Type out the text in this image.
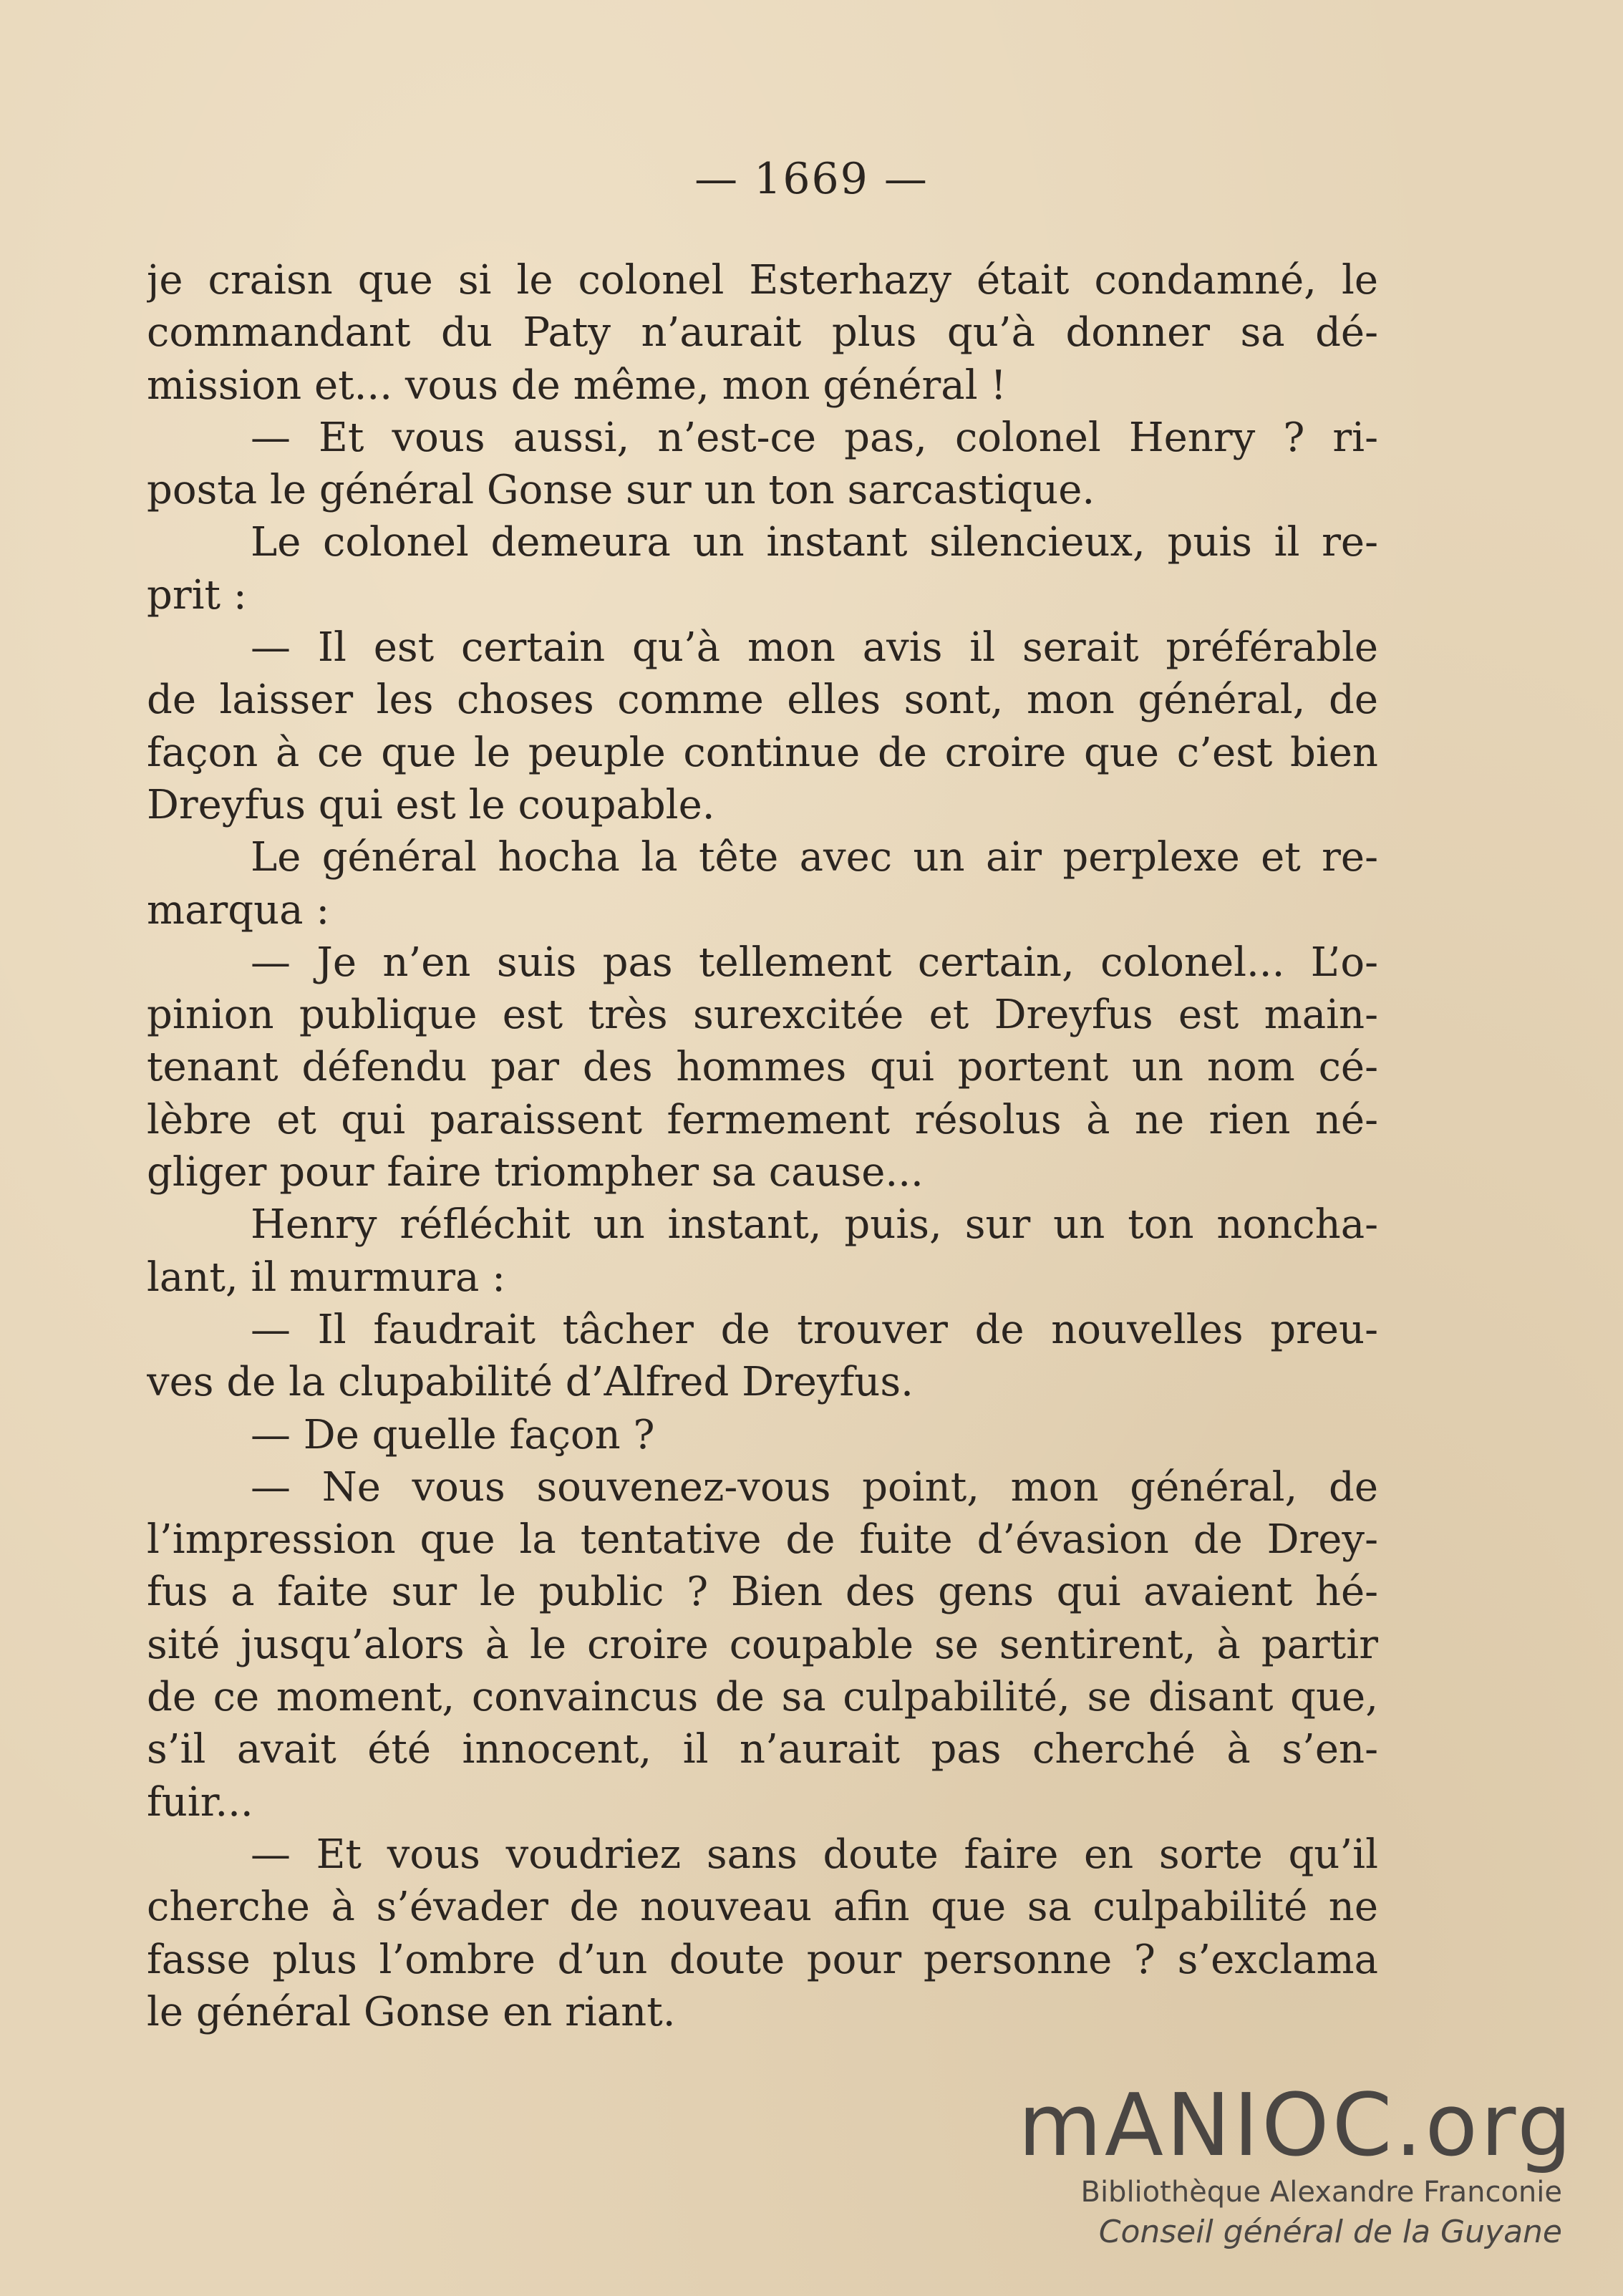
— 1669 —
je craisn que si le colonel Esterhazy était condamné, le
commandant du Paty n’aurait plus qu’à donner sa dé-
mission et... vous de même, mon général !
— Et vous aussi, n’est-ce pas, colonel Henry ? ri-
posta le général Gonse sur un ton sarcastique.
Le colonel demeura un instant silencieux, puis il re-
prit :
— Il est certain qu’à mon avis il serait préférable
de laisser les choses comme elles sont, mon général, de
façon à ce que le peuple continue de croire que c’est bien
Dreyfus qui est le coupable.
Le général hocha la tête avec un air perplexe et re-
marqua :
— Je n’en suis pas tellement certain, colonel... L’o-
pinion publique est très surexcitée et Dreyfus est main-
tenant défendu par des hommes qui portent un nom cé-
lèbre et qui paraissent fermement résolus à ne rien né-
gliger pour faire triompher sa cause...
Henry réfléchit un instant, puis, sur un ton noncha-
lant, il murmura :
— Il faudrait tâcher de trouver de nouvelles preu-
ves de la clupabilité d’Alfred Dreyfus.
— De quelle façon ?
— Ne vous souvenez-vous point, mon général, de
l’impression que la tentative de fuite d’évasion de Drey-
fus a faite sur le public ? Bien des gens qui avaient hé-
sité jusqu’alors à le croire coupable se sentirent, à partir
de ce moment, convaincus de sa culpabilité, se disant que,
s’il avait été innocent, il n’aurait pas cherché à s’en-
fuir...
— Et vous voudriez sans doute faire en sorte qu’il
cherche à s’évader de nouveau afin que sa culpabilité ne
fasse plus l’ombre d’un doute pour personne ? s’exclama
le général Gonse en riant.
mANIOC.org
Bibliothèque Alexandre Franconie
Conseil général de la Guyane
